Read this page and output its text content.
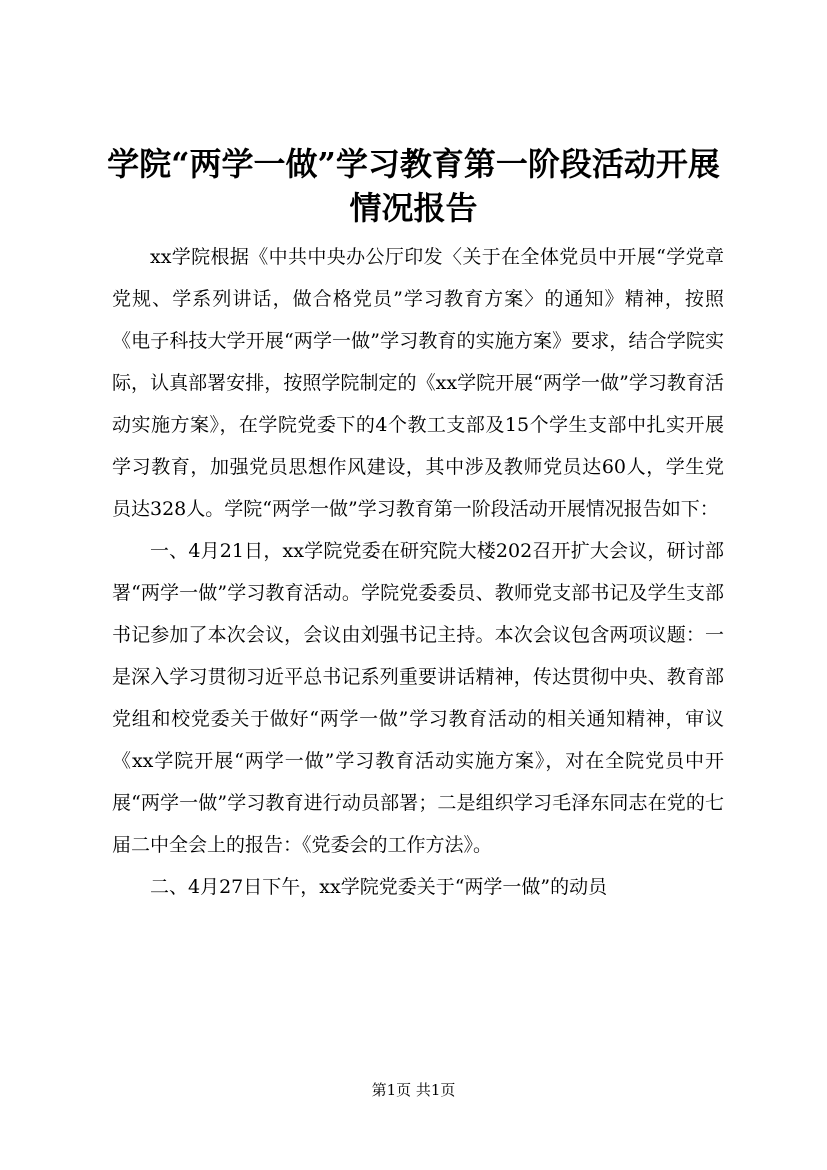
学院“两学一做”学习教育第一阶段活动开展情况报告

xx学院根据《中共中央办公厅印发〈关于在全体党员中开展“学党章党规、学系列讲话，做合格党员”学习教育方案〉的通知》精神，按照《电子科技大学开展“两学一做”学习教育的实施方案》要求，结合学院实际，认真部署安排，按照学院制定的《xx学院开展“两学一做”学习教育活动实施方案》，在学院党委下的4个教工支部及15个学生支部中扎实开展学习教育，加强党员思想作风建设，其中涉及教师党员达60人，学生党员达328人。学院“两学一做”学习教育第一阶段活动开展情况报告如下：

一、4月21日，xx学院党委在研究院大楼202召开扩大会议，研讨部署“两学一做”学习教育活动。学院党委委员、教师党支部书记及学生支部书记参加了本次会议，会议由刘强书记主持。本次会议包含两项议题：一是深入学习贯彻习近平总书记系列重要讲话精神，传达贯彻中央、教育部党组和校党委关于做好“两学一做”学习教育活动的相关通知精神，审议《xx学院开展“两学一做”学习教育活动实施方案》，对在全院党员中开展“两学一做”学习教育进行动员部署；二是组织学习毛泽东同志在党的七届二中全会上的报告：《党委会的工作方法》。

二、4月27日下午，xx学院党委关于“两学一做”的动员

第1页 共1页
